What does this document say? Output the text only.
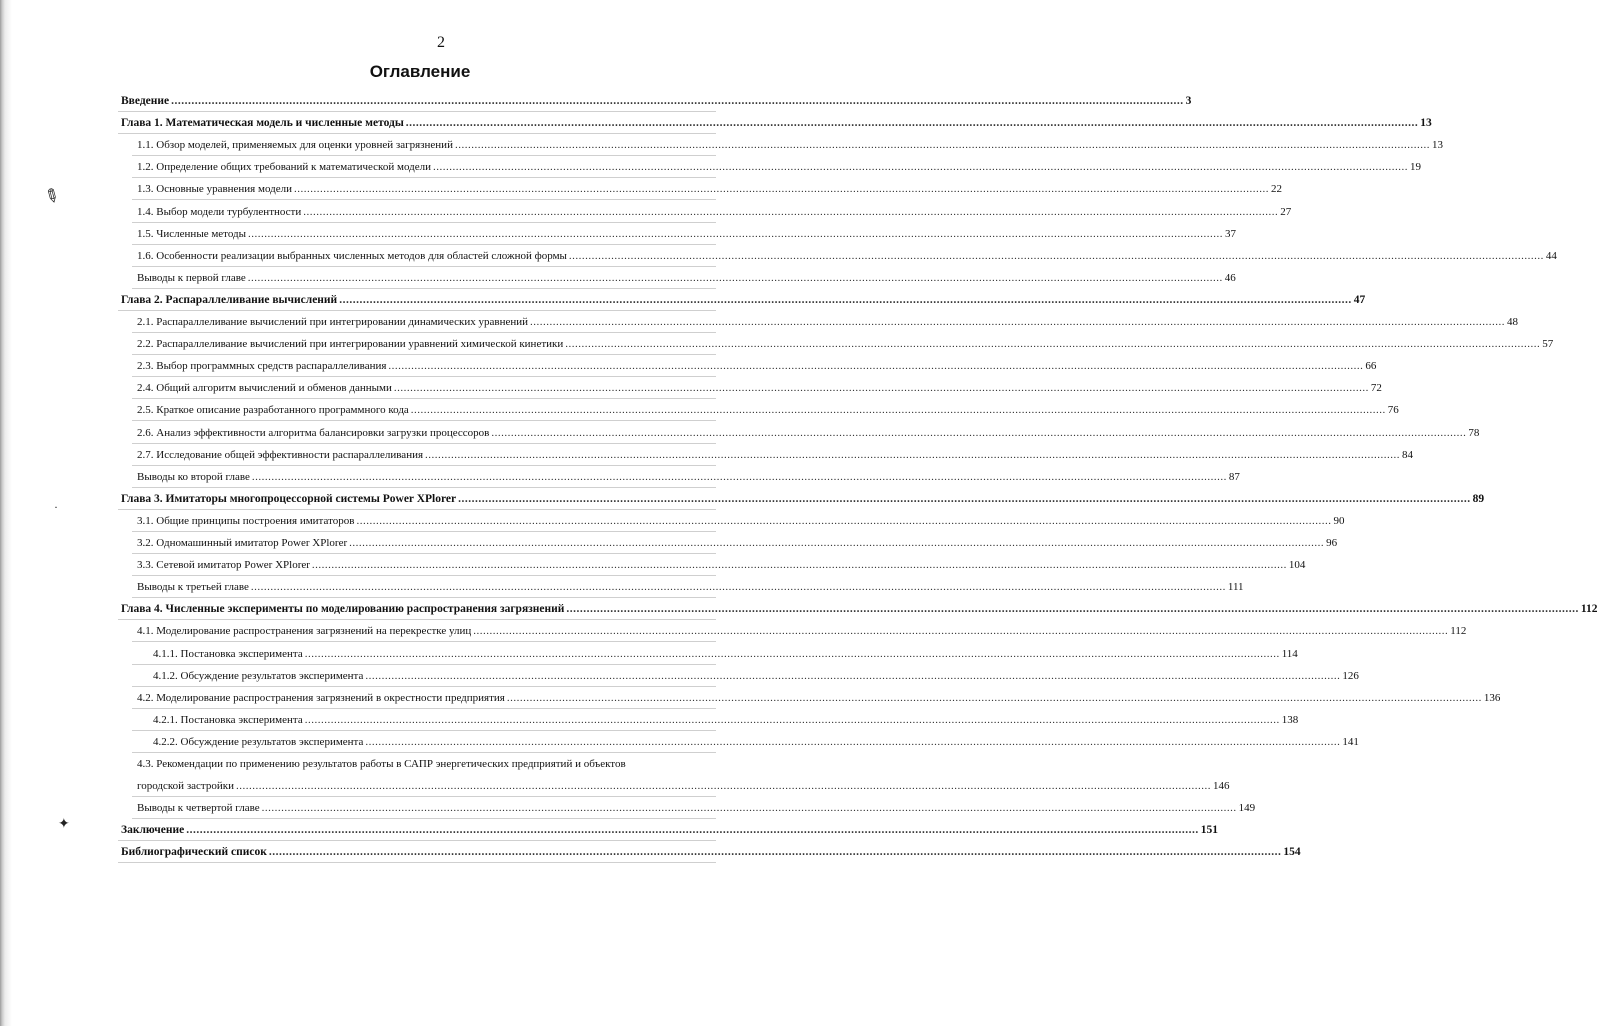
2
Оглавление
Введение ............................................................................................................................................................................................................................................................................................................ 3
Глава 1. Математическая модель и численные методы ............................................................................................................................................................................................................................................................................................................ 13
1.1. Обзор моделей, применяемых для оценки уровней загрязнений ............................................................................................................................................................................................................................................................................................................ 13
1.2. Определение общих требований к математической модели ............................................................................................................................................................................................................................................................................................................ 19
1.3. Основные уравнения модели ............................................................................................................................................................................................................................................................................................................ 22
1.4. Выбор модели турбулентности ............................................................................................................................................................................................................................................................................................................ 27
1.5. Численные методы ............................................................................................................................................................................................................................................................................................................ 37
1.6. Особенности реализации выбранных численных методов для областей сложной формы ............................................................................................................................................................................................................................................................................................................ 44
Выводы к первой главе ............................................................................................................................................................................................................................................................................................................ 46
Глава 2. Распараллеливание вычислений ............................................................................................................................................................................................................................................................................................................ 47
2.1. Распараллеливание вычислений при интегрировании динамических уравнений ............................................................................................................................................................................................................................................................................................................ 48
2.2. Распараллеливание вычислений при интегрировании уравнений химической кинетики ............................................................................................................................................................................................................................................................................................................ 57
2.3. Выбор программных средств распараллеливания ............................................................................................................................................................................................................................................................................................................ 66
2.4. Общий алгоритм вычислений и обменов данными ............................................................................................................................................................................................................................................................................................................ 72
2.5. Краткое описание разработанного программного кода ............................................................................................................................................................................................................................................................................................................ 76
2.6. Анализ эффективности алгоритма балансировки загрузки процессоров ............................................................................................................................................................................................................................................................................................................ 78
2.7. Исследование общей эффективности распараллеливания ............................................................................................................................................................................................................................................................................................................ 84
Выводы ко второй главе ............................................................................................................................................................................................................................................................................................................ 87
Глава 3. Имитаторы многопроцессорной системы Power XPlorer ............................................................................................................................................................................................................................................................................................................ 89
3.1. Общие принципы построения имитаторов ............................................................................................................................................................................................................................................................................................................ 90
3.2. Одномашинный имитатор Power XPlorer ............................................................................................................................................................................................................................................................................................................ 96
3.3. Сетевой имитатор Power XPlorer ............................................................................................................................................................................................................................................................................................................ 104
Выводы к третьей главе ............................................................................................................................................................................................................................................................................................................ 111
Глава 4. Численные эксперименты по моделированию распространения загрязнений ............................................................................................................................................................................................................................................................................................................ 112
4.1. Моделирование распространения загрязнений на перекрестке улиц ............................................................................................................................................................................................................................................................................................................ 112
4.1.1. Постановка эксперимента ............................................................................................................................................................................................................................................................................................................ 114
4.1.2. Обсуждение результатов эксперимента ............................................................................................................................................................................................................................................................................................................ 126
4.2. Моделирование распространения загрязнений в окрестности предприятия ............................................................................................................................................................................................................................................................................................................ 136
4.2.1. Постановка эксперимента ............................................................................................................................................................................................................................................................................................................ 138
4.2.2. Обсуждение результатов эксперимента ............................................................................................................................................................................................................................................................................................................ 141
4.3. Рекомендации по применению результатов работы в САПР энергетических предприятий и объектов
городской застройки ............................................................................................................................................................................................................................................................................................................ 146
Выводы к четвертой главе ............................................................................................................................................................................................................................................................................................................ 149
Заключение ............................................................................................................................................................................................................................................................................................................ 151
Библиографический список ............................................................................................................................................................................................................................................................................................................ 154
✎
·
✦
